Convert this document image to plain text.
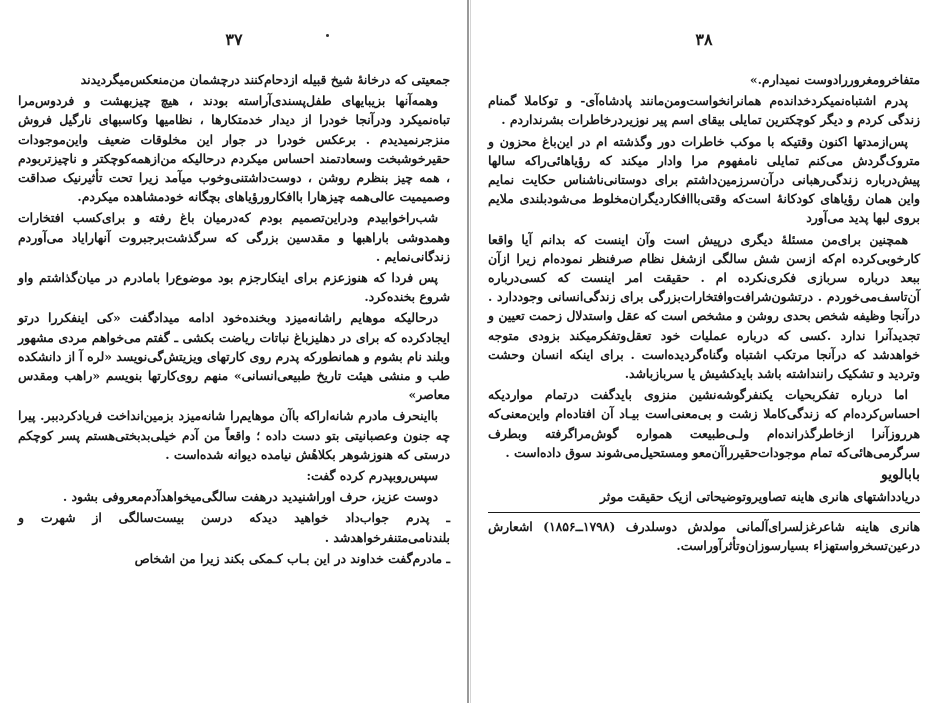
۳۷

جمعیتی که درخانهٔ شیخ قبیله ازدحام‌کنند درچشمان من‌منعکس‌میگردیدند

وهمه‌آنها بزیبایهای طفل‌پسندی‌آراسته بودند ، هیچ چیزبهشت و فردوس‌مرا تباه‌نمیکرد ودرآنجا خودرا از دیدار خدمتکارها ، نظامیها وکاسبهای نارگیل فروش منزجر‌نمیدیدم . برعکس خودرا در جوار این مخلوقات ضعیف واین‌موجودات حقیرخوشبخت وسعادتمند احساس میکردم درحالیکه من‌ازهمه‌کوچکتر و ناچیزتربودم ، همه چیز بنظرم روشن ، دوست‌داشتنی‌وخوب میآمد زیرا تحت تأثیرنیک صداقت وصمیمیت عالی‌همه چیزهارا باافکارورؤیاهای بچگانه خودمشاهده میکردم.

شب‌راخوابیدم ودراین‌تصمیم بودم که‌درمیان باغ رفته و برای‌کسب افتخارات وهمدوشی باراهبها و مقدسین بزرگی که سرگذشت‌برجبروت آنهارایاد می‌آوردم زندگانی‌نمایم .

پس فردا که هنوزعزم برای اینکارجزم بود موضوع‌را بامادرم در میان‌گذاشتم واو شروع بخنده‌کرد.

درحالیکه موهایم راشانه‌میزد وبخنده‌خود ادامه میداد‌گفت «کی اینفکررا درتو ایجاد‌کرده که برای در دهلیزباغ نباتات ریاضت بکشی ـ گفتم می‌خواهم مردی مشهور وبلند نام بشوم و همانطورکه پدرم روی کارتهای ویزیتش‌گی‌نویسد «لره آ از دانشکده طب و منشی هیئت تاریخ طبیعی‌انسانی» منهم روی‌کارتها بنویسم «راهب ومقدس معاصر»

بااینحرف مادرم شانه‌اراکه باآن موهایم‌را شانه‌میزد بزمین‌انداخت فریادکرد‌ببر. پیرا چه جنون وعصبانیتی بتو دست داده ؛ واقعاً من آدم خیلی‌بدبختی‌هستم پسر کوچکم درستی که هنوزشوهر بکلاهٔش نیامده دیوانه شده‌است .

سپس‌روبپدرم کرده گفت:

دوست عزیز، حرف اوراشنیدید درهفت سالگی‌میخواهدآدم‌معروفی بشود .

ـ پدرم جواب‌داد خواهید دیدکه درسن بیست‌سالگی از شهرت و بلندنامی‌متنفرخواهدشد .

ـ مادرم‌گفت خداوند در این بـاب کـمکی بکند زیرا من اشخاص

۳۸

متفاخرومغروررادوست نمیدارم.»

پدرم اشتباه‌نمیکرد‌خدا‌نده‌م همانرانخواست‌ومن‌مانند پادشاه‌آی- و توکاملا گمنام زندگی کردم و دیگر کوچکترین تمایلی بیقای اسم پیر نوزیردرخاطرات بشرنداردم .

پس‌ازمدتها اکنون وقتیکه با موکب خاطرات دور وگذشته ام در این‌باغ محزون و متروک‌گردش می‌کنم تمایلی نامفهوم مرا وادار میکند که رؤیاهائی‌راکه سالها پیش‌درباره زندگی‌رهبانی درآن‌سرزمین‌داشتم برای دوستانی‌ناشناس حکایت نمایم واین همان رؤیاهای کودکانهٔ است‌که وقتی‌بااافکاردیگران‌مخلوط می‌شودبلندی ملایم بروی لبها پدید می‌آورد

همچنین برای‌من مسئلهٔ دیگری درپیش است وآن اینست که بدانم آیا واقعا کارخوبی‌کرده ام‌که ازسن شش سالگی ازشغل نظام صرفنظر نموده‌ام زیرا ازآن ببعد درباره سربازی فکری‌نکرده ام . حقیقت امر اینست که کسی‌درباره آن‌تاسف‌می‌خورد‌م . درتشون‌شرافت‌وافتخارات‌بزرگی برای زندگی‌انسانی وجوددارد . درآنجا وظیفه شخص بحدی روشن و مشخص است که عقل واستدلال زحمت تعیین و تجدیدآنرا ندارد .کسی که درباره عملیات خود تعقل‌وتفکرمیکند بزودی متوجه خواهدشد که درآنجا مرتکب اشتباه وگناه‌گردیده‌است . برای اینکه انسان وحشت وتردید و تشکیک راننداشته باشد بایدکشیش یا سربازباشد.

اما درباره تفکربحیات یکنفرگوشه‌نشین منزوی بایدگفت درتمام مواردیکه احساس‌کرده‌ام که زندگی‌کاملا زشت و بی‌معنی‌است بیـاد آن افتاده‌ام واین‌معنی‌که هرروزآنرا ازخاطرگذرانده‌ام ولـی‌طبیعت همواره گوش‌مراگرفته وبطرف سرگرمی‌هائی‌که تمام موجودات‌حقیرراآن‌معو ومستحیل‌می‌شوند سوق داده‌است .

بابالویو

دریادداشتهای هانری هاینه تصاویروتوضیحاتی ازیک حقیقت موثر

هانری هاینه شاعرغزلسرای‌آلمانی مولدش دوسلدرف (۱۷۹۸ــ۱۸۵۶) اشعارش درعین‌تسخروا‌ستهزاء بسیارسوزان‌وتأثرآوراست.
